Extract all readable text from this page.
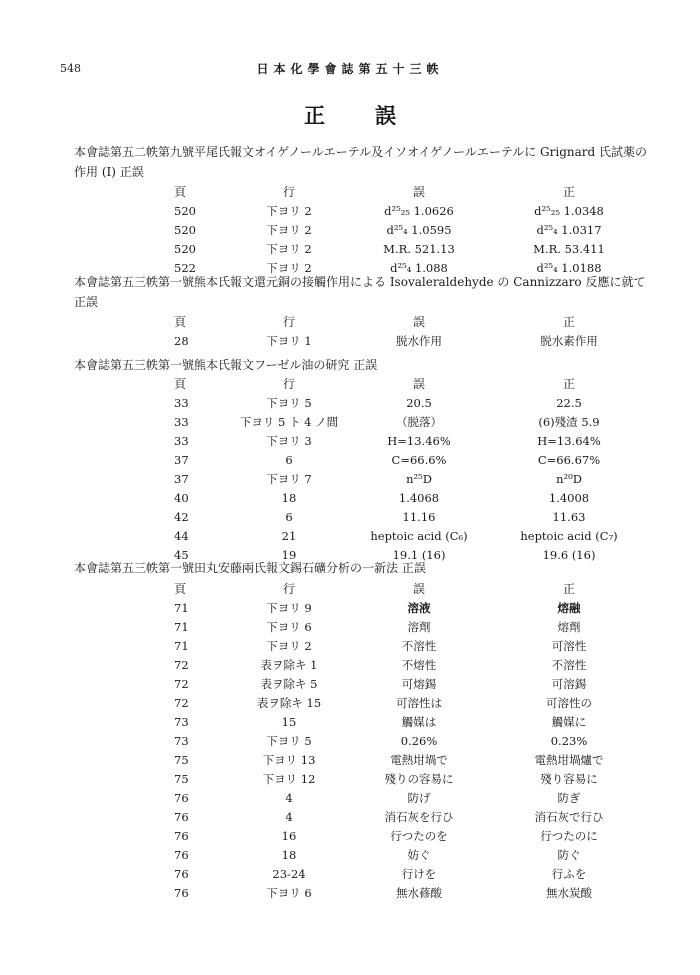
548	日本化學會誌第五十三帙
正 誤
本會誌第五二帙第九號平尾氏報文オイゲノールエーテル及イソオイゲノールエーテルに Grignard 氏試薬の作用 (I) 正誤
頁	行	誤	正
520	下ヨリ 2	d²⁵₂₅ 1.0626	d²⁵₂₅ 1.0348
520	下ヨリ 2	d²⁵₄ 1.0595	d²⁵₄ 1.0317
520	下ヨリ 2	M.R. 521.13	M.R. 53.411
522	下ヨリ 2	d²⁵₄ 1.088	d²⁵₄ 1.0188
本會誌第五三帙第一號熊本氏報文還元銅の接觸作用による Isovaleraldehyde の Cannizzaro 反應に就て 正誤
頁	行	誤	正
28	下ヨリ 1	脱水作用	脱水素作用
本會誌第五三帙第一號熊本氏報文フーゼル油の研究 正誤
頁	行	誤	正
33	下ヨリ 5	20.5	22.5
33	下ヨリ 5 ト 4 ノ間	（脱落）	(6)殘渣 5.9
33	下ヨリ 3	H=13.46%	H=13.64%
37	6	C=66.6%	C=66.67%
37	下ヨリ 7	n²⁵D	n²⁰D
40	18	1.4068	1.4008
42	6	11.16	11.63
44	21	heptoic acid (C₆)	heptoic acid (C₇)
45	19	19.1 (16)	19.6 (16)
本會誌第五三帙第一號田丸安藤兩氏報文錫石礦分析の一新法 正誤
頁	行	誤	正
71	下ヨリ 9	溶液	熔融
71	下ヨリ 6	溶劑	熔劑
71	下ヨリ 2	不溶性	可溶性
72	表ヲ除キ 1	不熔性	不溶性
72	表ヲ除キ 5	可熔錫	可溶錫
72	表ヲ除キ 15	可溶性は	可溶性の
73	15	觸媒は	觸媒に
73	下ヨリ 5	0.26%	0.23%
75	下ヨリ 13	電熱坩堝で	電熱坩堝爐で
75	下ヨリ 12	殘りの容易に	殘り容易に
76	4	防げ	防ぎ
76	4	消石灰を行ひ	消石灰で行ひ
76	16	行つたのを	行つたのに
76	18	妨ぐ	防ぐ
76	23-24	行けを	行ふを
76	下ヨリ 6	無水蓚酸	無水炭酸
